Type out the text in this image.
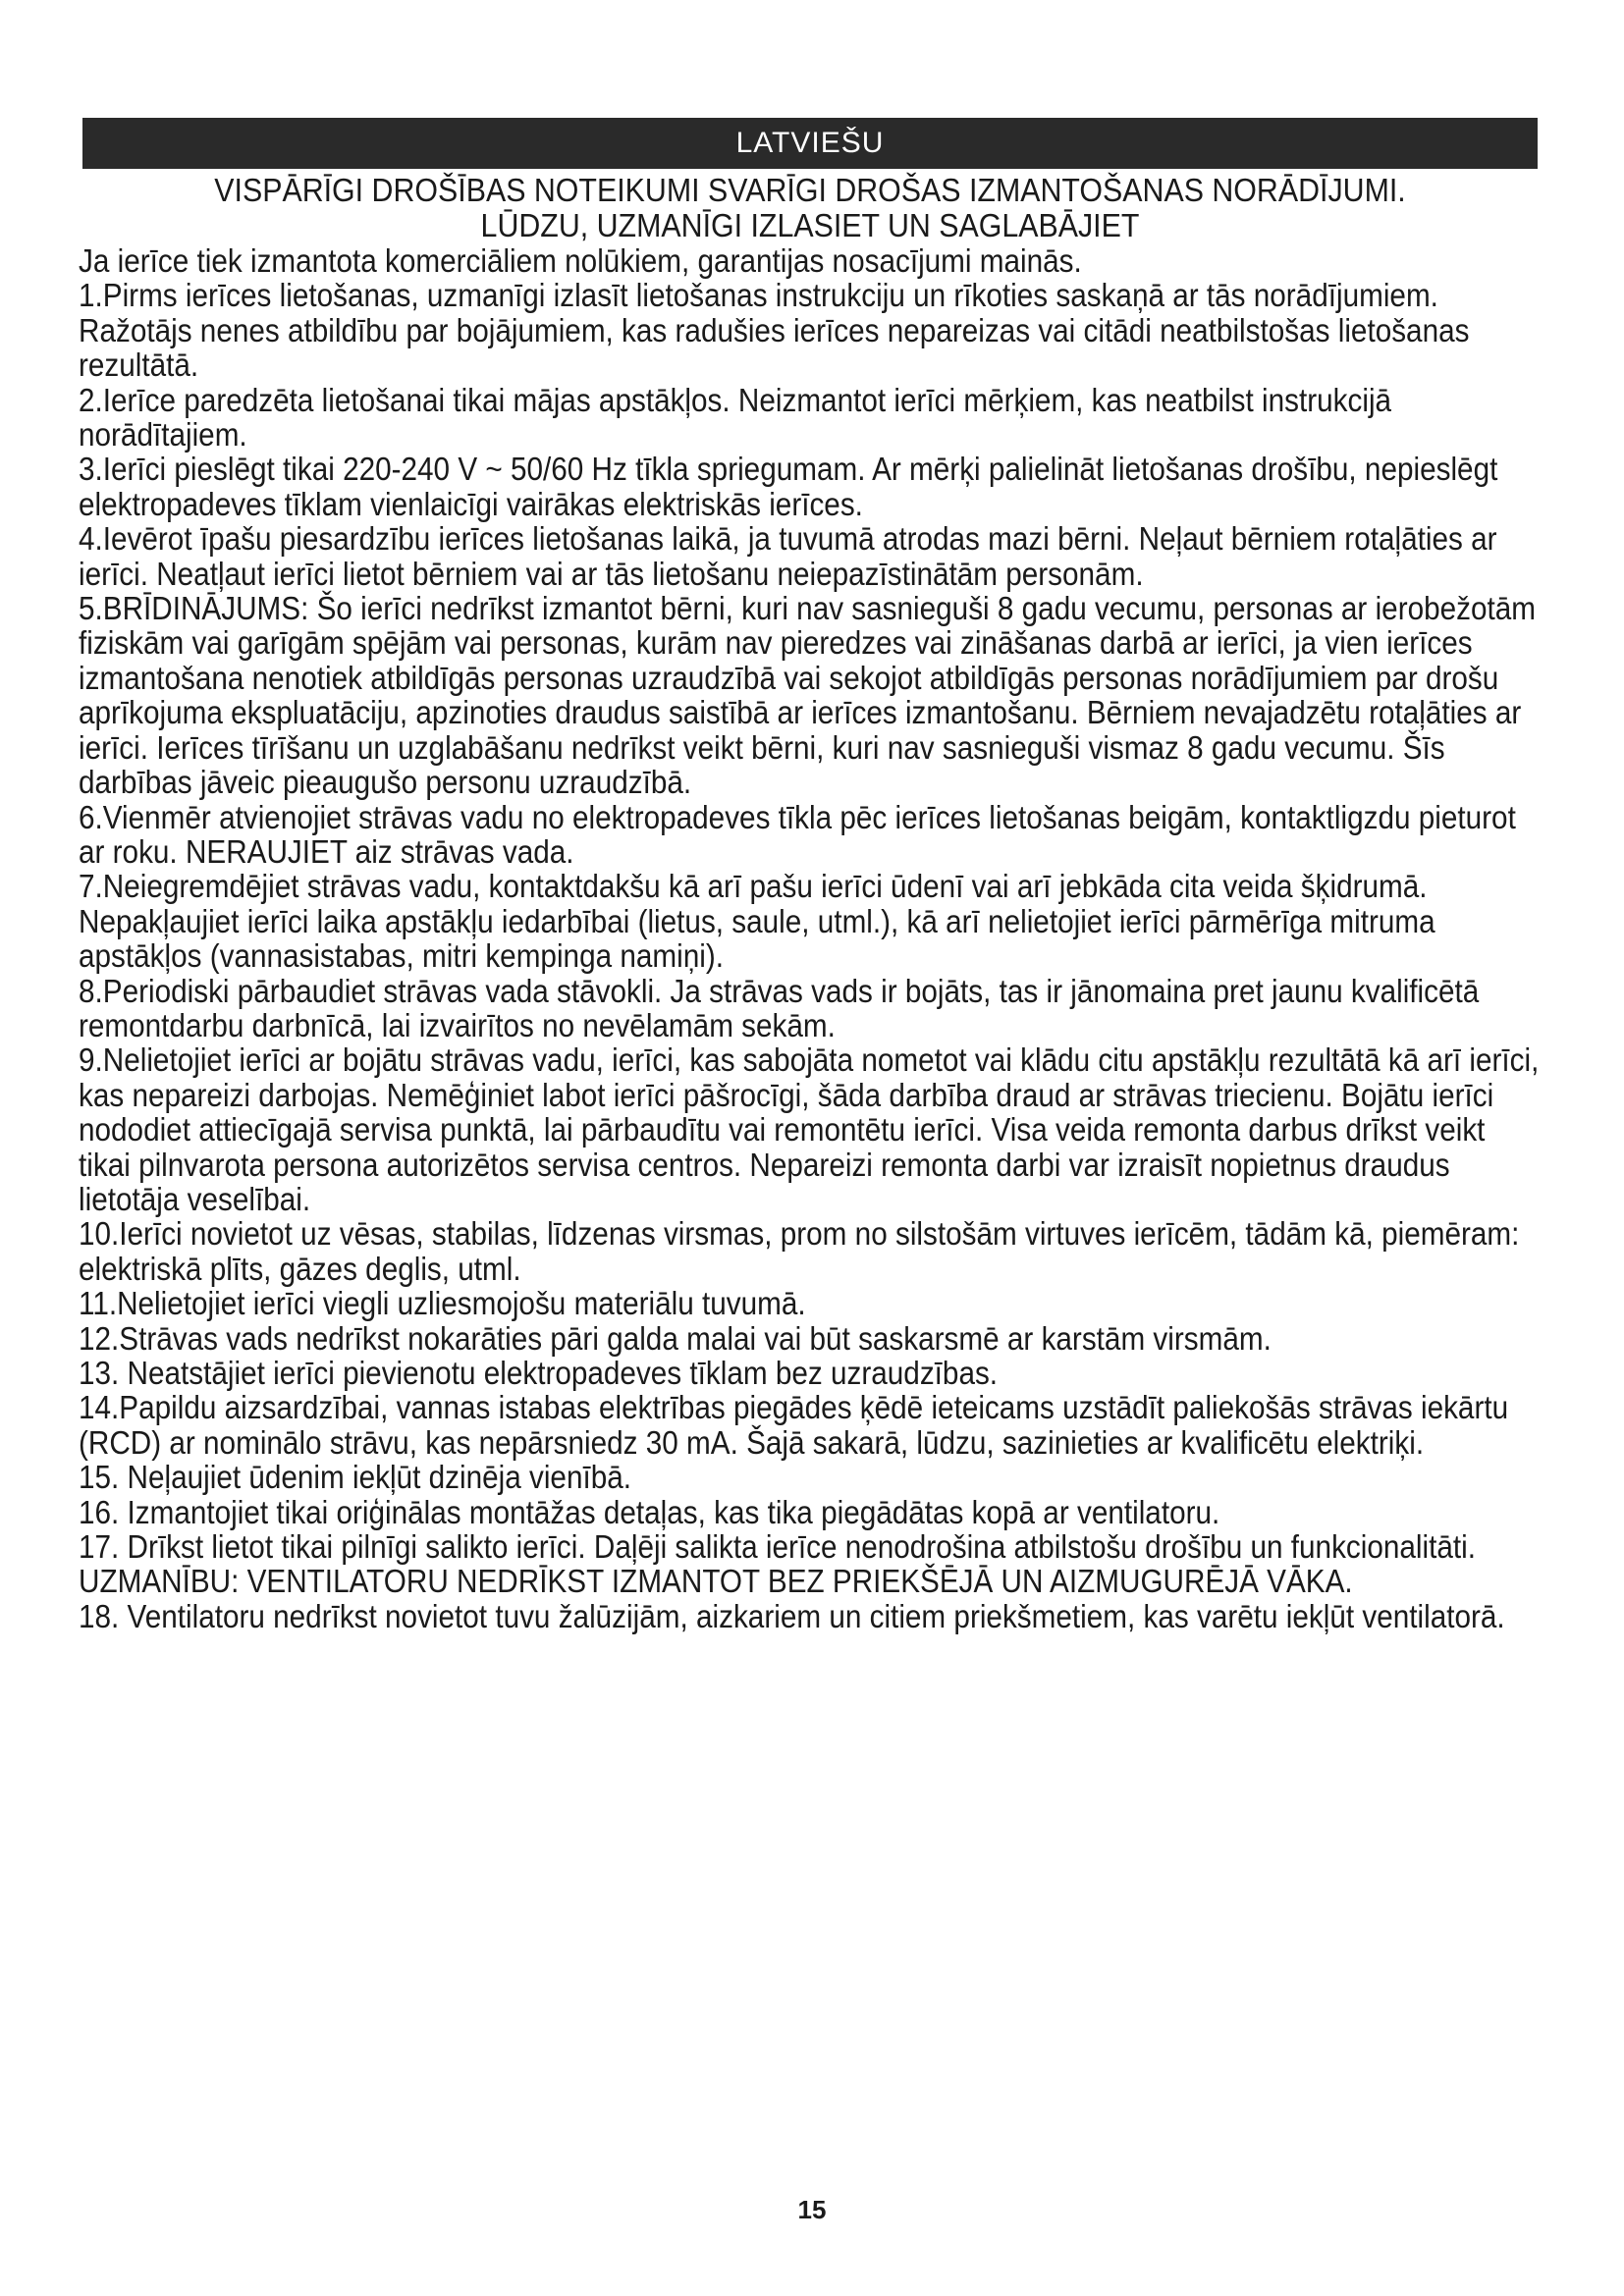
LATVIEŠU
VISPĀRĪGI DROŠĪBAS NOTEIKUMI SVARĪGI DROŠAS IZMANTOŠANAS NORĀDĪJUMI.
LŪDZU, UZMANĪGI IZLASIET UN SAGLABĀJIET

Ja ierīce tiek izmantota komerciāliem nolūkiem, garantijas nosacījumi mainās.

1.Pirms ierīces lietošanas, uzmanīgi izlasīt lietošanas instrukciju un rīkoties saskaņā ar tās norādījumiem. Ražotājs nenes atbildību par bojājumiem, kas radušies ierīces nepareizas vai citādi neatbilstošas lietošanas rezultātā.

2.Ierīce paredzēta lietošanai tikai mājas apstākļos. Neizmantot ierīci mērķiem, kas neatbilst instrukcijā norādītajiem.

3.Ierīci pieslēgt tikai 220-240 V ~ 50/60 Hz tīkla spriegumam. Ar mērķi palielināt lietošanas drošību, nepieslēgt elektropadeves tīklam vienlaicīgi vairākas elektriskās ierīces.

4.Ievērot īpašu piesardzību ierīces lietošanas laikā, ja tuvumā atrodas mazi bērni. Neļaut bērniem rotaļāties ar ierīci. Neatļaut ierīci lietot bērniem vai ar tās lietošanu neiepazīstinātām personām.

5.BRĪDINĀJUMS: Šo ierīci nedrīkst izmantot bērni, kuri nav sasnieguši 8 gadu vecumu, personas ar ierobežotām fiziskām vai garīgām spējām vai personas, kurām nav pieredzes vai zināšanas darbā ar ierīci, ja vien ierīces izmantošana nenotiek atbildīgās personas uzraudzībā vai sekojot atbildīgās personas norādījumiem par drošu aprīkojuma ekspluatāciju, apzinoties draudus saistībā ar ierīces izmantošanu. Bērniem nevajadzētu rotaļāties ar ierīci. Ierīces tīrīšanu un uzglabāšanu nedrīkst veikt bērni, kuri nav sasnieguši vismaz 8 gadu vecumu. Šīs darbības jāveic pieaugušo personu uzraudzībā.

6.Vienmēr atvienojiet strāvas vadu no elektropadeves tīkla pēc ierīces lietošanas beigām, kontaktligzdu pieturot ar roku. NERAUJIET aiz strāvas vada.

7.Neiegremdējiet strāvas vadu, kontaktdakšu kā arī pašu ierīci ūdenī vai arī jebkāda cita veida šķidrumā. Nepakļaujiet ierīci laika apstākļu iedarbībai (lietus, saule, utml.), kā arī nelietojiet ierīci pārmērīga mitruma apstākļos (vannasistabas, mitri kempinga namiņi).

8.Periodiski pārbaudiet strāvas vada stāvokli. Ja strāvas vads ir bojāts, tas ir jānomaina pret jaunu kvalificētā remontdarbu darbnīcā, lai izvairītos no nevēlamām sekām.

9.Nelietojiet ierīci ar bojātu strāvas vadu, ierīci, kas sabojāta nometot vai klādu citu apstākļu rezultātā kā arī ierīci, kas nepareizi darbojas. Nemēģiniet labot ierīci pāšrocīgi, šāda darbība draud ar strāvas triecienu. Bojātu ierīci nododiet attiecīgajā servisa punktā, lai pārbaudītu vai remontētu ierīci. Visa veida remonta darbus drīkst veikt tikai pilnvarota persona autorizētos servisa centros. Nepareizi remonta darbi var izraisīt nopietnus draudus lietotāja veselībai.

10.Ierīci novietot uz vēsas, stabilas, līdzenas virsmas, prom no silstošām virtuves ierīcēm, tādām kā, piemēram: elektriskā plīts, gāzes deglis, utml.

11.Nelietojiet ierīci viegli uzliesmojošu materiālu tuvumā.

12.Strāvas vads nedrīkst nokarāties pāri galda malai vai būt saskarsmē ar karstām virsmām.

13. Neatstājiet ierīci pievienotu elektropadeves tīklam bez uzraudzības.

14.Papildu aizsardzībai, vannas istabas elektrības piegādes ķēdē ieteicams uzstādīt paliekošās strāvas iekārtu (RCD) ar nominālo strāvu, kas nepārsniedz 30 mA. Šajā sakarā, lūdzu, sazinieties ar kvalificētu elektriķi.

15. Neļaujiet ūdenim iekļūt dzinēja vienībā.

16. Izmantojiet tikai oriģinālas montāžas detaļas, kas tika piegādātas kopā ar ventilatoru.

17. Drīkst lietot tikai pilnīgi salikto ierīci. Daļēji salikta ierīce nenodrošina atbilstošu drošību un funkcionalitāti.

UZMANĪBU: VENTILATORU NEDRĪKST IZMANTOT BEZ PRIEKŠĒJĀ UN AIZMUGURĒJĀ VĀKA.

18. Ventilatoru nedrīkst novietot tuvu žalūzijām, aizkariem un citiem priekšmetiem, kas varētu iekļūt ventilatorā.

15
